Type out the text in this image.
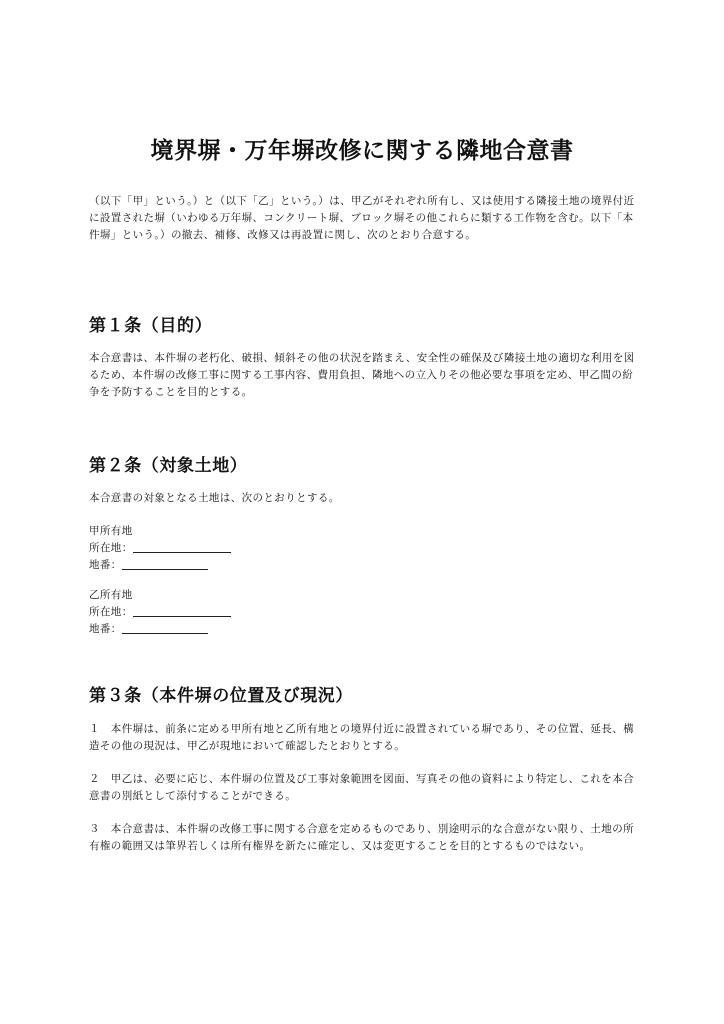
境界塀・万年塀改修に関する隣地合意書

（以下「甲」という。）と（以下「乙」という。）は、甲乙がそれぞれ所有し、又は使用する隣接土地の境界付近に設置された塀（いわゆる万年塀、コンクリート塀、ブロック塀その他これらに類する工作物を含む。以下「本件塀」という。）の撤去、補修、改修又は再設置に関し、次のとおり合意する。

第１条（目的）

本合意書は、本件塀の老朽化、破損、傾斜その他の状況を踏まえ、安全性の確保及び隣接土地の適切な利用を図るため、本件塀の改修工事に関する工事内容、費用負担、隣地への立入りその他必要な事項を定め、甲乙間の紛争を予防することを目的とする。

第２条（対象土地）

本合意書の対象となる土地は、次のとおりとする。

甲所有地

所在地：

地番：

乙所有地

所在地：

地番：

第３条（本件塀の位置及び現況）

１　本件塀は、前条に定める甲所有地と乙所有地との境界付近に設置されている塀であり、その位置、延長、構造その他の現況は、甲乙が現地において確認したとおりとする。

２　甲乙は、必要に応じ、本件塀の位置及び工事対象範囲を図面、写真その他の資料により特定し、これを本合意書の別紙として添付することができる。

３　本合意書は、本件塀の改修工事に関する合意を定めるものであり、別途明示的な合意がない限り、土地の所有権の範囲又は筆界若しくは所有権界を新たに確定し、又は変更することを目的とするものではない。
